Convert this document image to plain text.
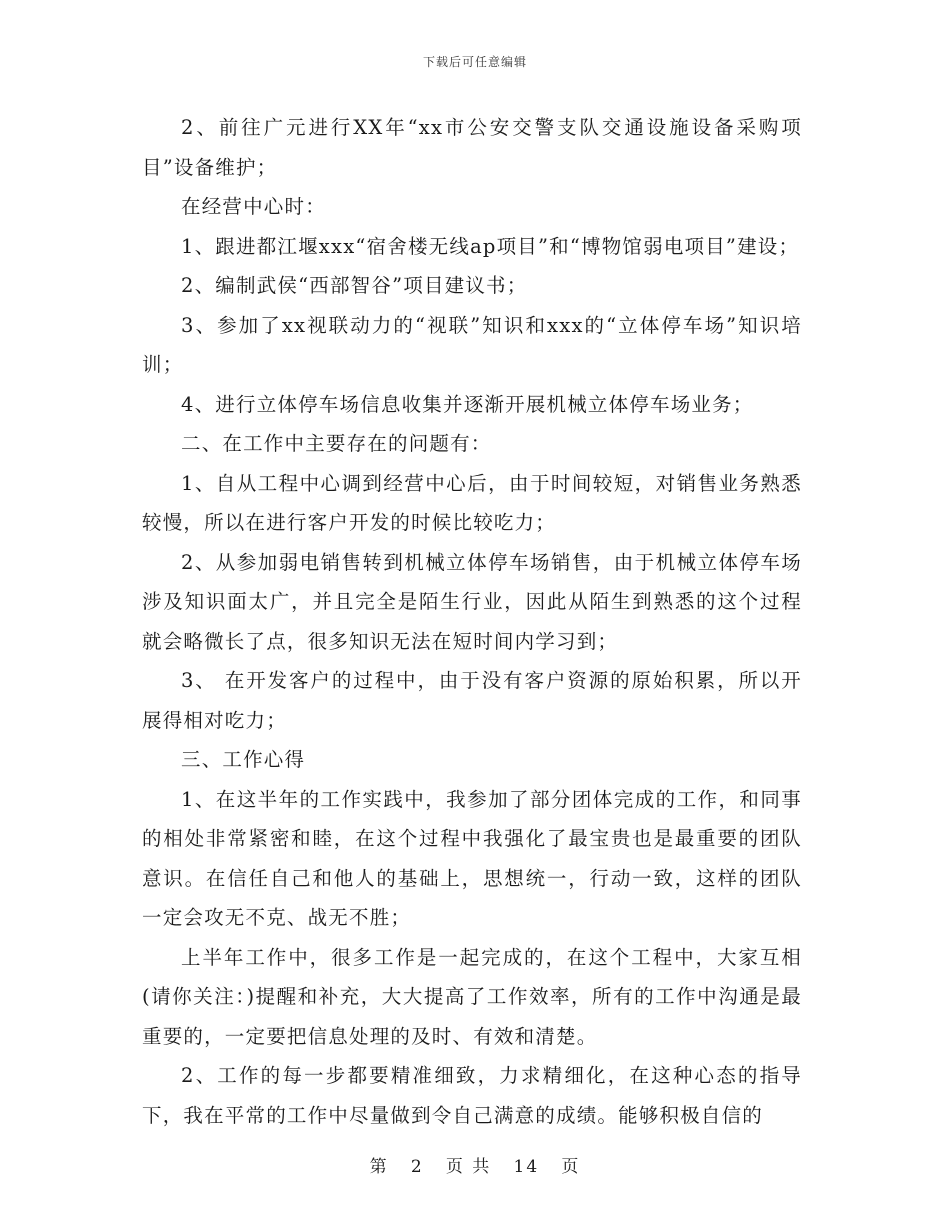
下载后可任意编辑

2、前往广元进行XX年“xx市公安交警支队交通设施设备采购项目”设备维护；

在经营中心时：

1、跟进都江堰xxx“宿舍楼无线ap项目”和“博物馆弱电项目”建设；

2、编制武侯“西部智谷”项目建议书；

3、参加了xx视联动力的“视联”知识和xxx的“立体停车场”知识培训；

4、进行立体停车场信息收集并逐渐开展机械立体停车场业务；

二、在工作中主要存在的问题有：

1、自从工程中心调到经营中心后，由于时间较短，对销售业务熟悉较慢，所以在进行客户开发的时候比较吃力；

2、从参加弱电销售转到机械立体停车场销售，由于机械立体停车场涉及知识面太广，并且完全是陌生行业，因此从陌生到熟悉的这个过程就会略微长了点，很多知识无法在短时间内学习到；

3、 在开发客户的过程中，由于没有客户资源的原始积累，所以开展得相对吃力；

三、工作心得

1、在这半年的工作实践中，我参加了部分团体完成的工作，和同事的相处非常紧密和睦，在这个过程中我强化了最宝贵也是最重要的团队意识。在信任自己和他人的基础上，思想统一，行动一致，这样的团队一定会攻无不克、战无不胜；

上半年工作中，很多工作是一起完成的，在这个工程中，大家互相(请你关注：)提醒和补充，大大提高了工作效率，所有的工作中沟通是最重要的，一定要把信息处理的及时、有效和清楚。

2、工作的每一步都要精准细致，力求精细化，在这种心态的指导下，我在平常的工作中尽量做到令自己满意的成绩。能够积极自信的

第 2 页 共 14 页
